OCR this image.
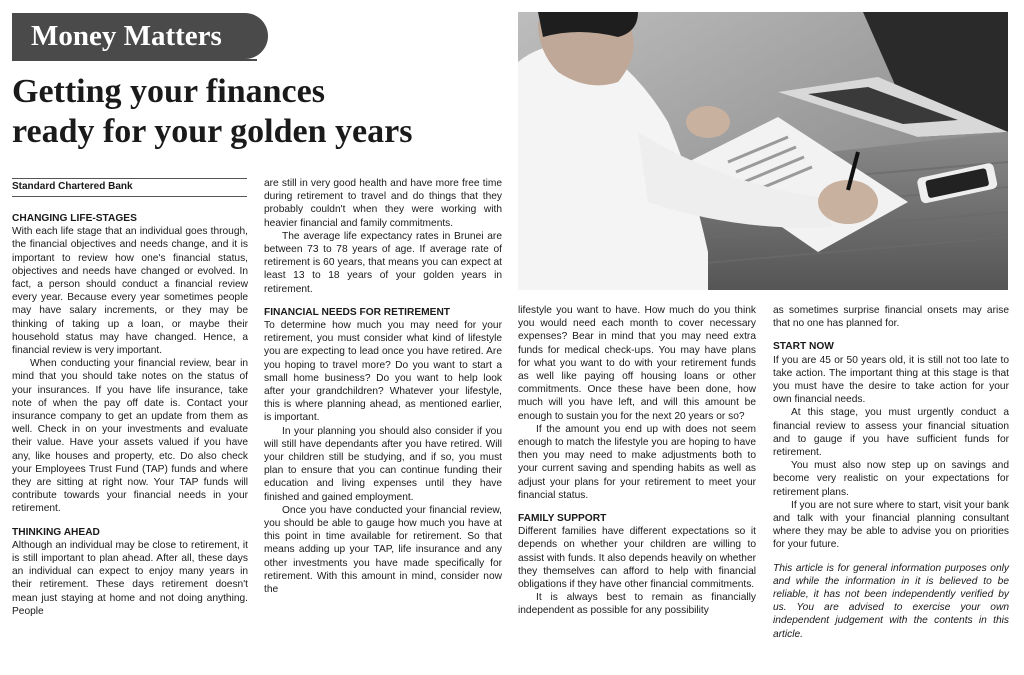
Money Matters
Getting your finances
ready for your golden years
Standard Chartered Bank
CHANGING LIFE-STAGES

With each life stage that an individual goes through, the financial objectives and needs change, and it is important to review how one's financial status, objectives and needs have changed or evolved. In fact, a person should conduct a financial review every year. Because every year sometimes people may have salary increments, or they may be thinking of taking up a loan, or maybe their household status may have changed. Hence, a financial review is very important.

When conducting your financial review, bear in mind that you should take notes on the status of your insurances. If you have life insurance, take note of when the pay off date is. Contact your insurance company to get an update from them as well. Check in on your investments and evaluate their value. Have your assets valued if you have any, like houses and property, etc. Do also check your Employees Trust Fund (TAP) funds and where they are sitting at right now. Your TAP funds will contribute towards your financial needs in your retirement.

THINKING AHEAD

Although an individual may be close to retirement, it is still important to plan ahead. After all, these days an individual can expect to enjoy many years in their retirement. These days retirement doesn't mean just staying at home and not doing anything. People

are still in very good health and have more free time during retirement to travel and do things that they probably couldn't when they were working with heavier financial and family commitments.

The average life expectancy rates in Brunei are between 73 to 78 years of age. If average rate of retirement is 60 years, that means you can expect at least 13 to 18 years of your golden years in retirement.

FINANCIAL NEEDS FOR RETIREMENT

To determine how much you may need for your retirement, you must consider what kind of lifestyle you are expecting to lead once you have retired. Are you hoping to travel more? Do you want to start a small home business? Do you want to help look after your grandchildren? Whatever your lifestyle, this is where planning ahead, as mentioned earlier, is important.

In your planning you should also consider if you will still have dependants after you have retired. Will your children still be studying, and if so, you must plan to ensure that you can continue funding their education and living expenses until they have finished and gained employment.

Once you have conducted your financial review, you should be able to gauge how much you have at this point in time available for retirement. So that means adding up your TAP, life insurance and any other investments you have made specifically for retirement. With this amount in mind, consider now the

lifestyle you want to have. How much do you think you would need each month to cover necessary expenses? Bear in mind that you may need extra funds for medical check-ups. You may have plans for what you want to do with your retirement funds as well like paying off housing loans or other commitments. Once these have been done, how much will you have left, and will this amount be enough to sustain you for the next 20 years or so?

If the amount you end up with does not seem enough to match the lifestyle you are hoping to have then you may need to make adjustments both to your current saving and spending habits as well as adjust your plans for your retirement to meet your financial status.

FAMILY SUPPORT

Different families have different expectations so it depends on whether your children are willing to assist with funds. It also depends heavily on whether they themselves can afford to help with financial obligations if they have other financial commitments.

It is always best to remain as financially independent as possible for any possibility

as sometimes surprise financial onsets may arise that no one has planned for.

START NOW

If you are 45 or 50 years old, it is still not too late to take action. The important thing at this stage is that you must have the desire to take action for your own financial needs.

At this stage, you must urgently conduct a financial review to assess your financial situation and to gauge if you have sufficient funds for retirement.

You must also now step up on savings and become very realistic on your expectations for retirement plans.

If you are not sure where to start, visit your bank and talk with your financial planning consultant where they may be able to advise you on priorities for your future.

This article is for general information purposes only and while the information in it is believed to be reliable, it has not been independently verified by us. You are advised to exercise your own independent judgement with the contents in this article.
